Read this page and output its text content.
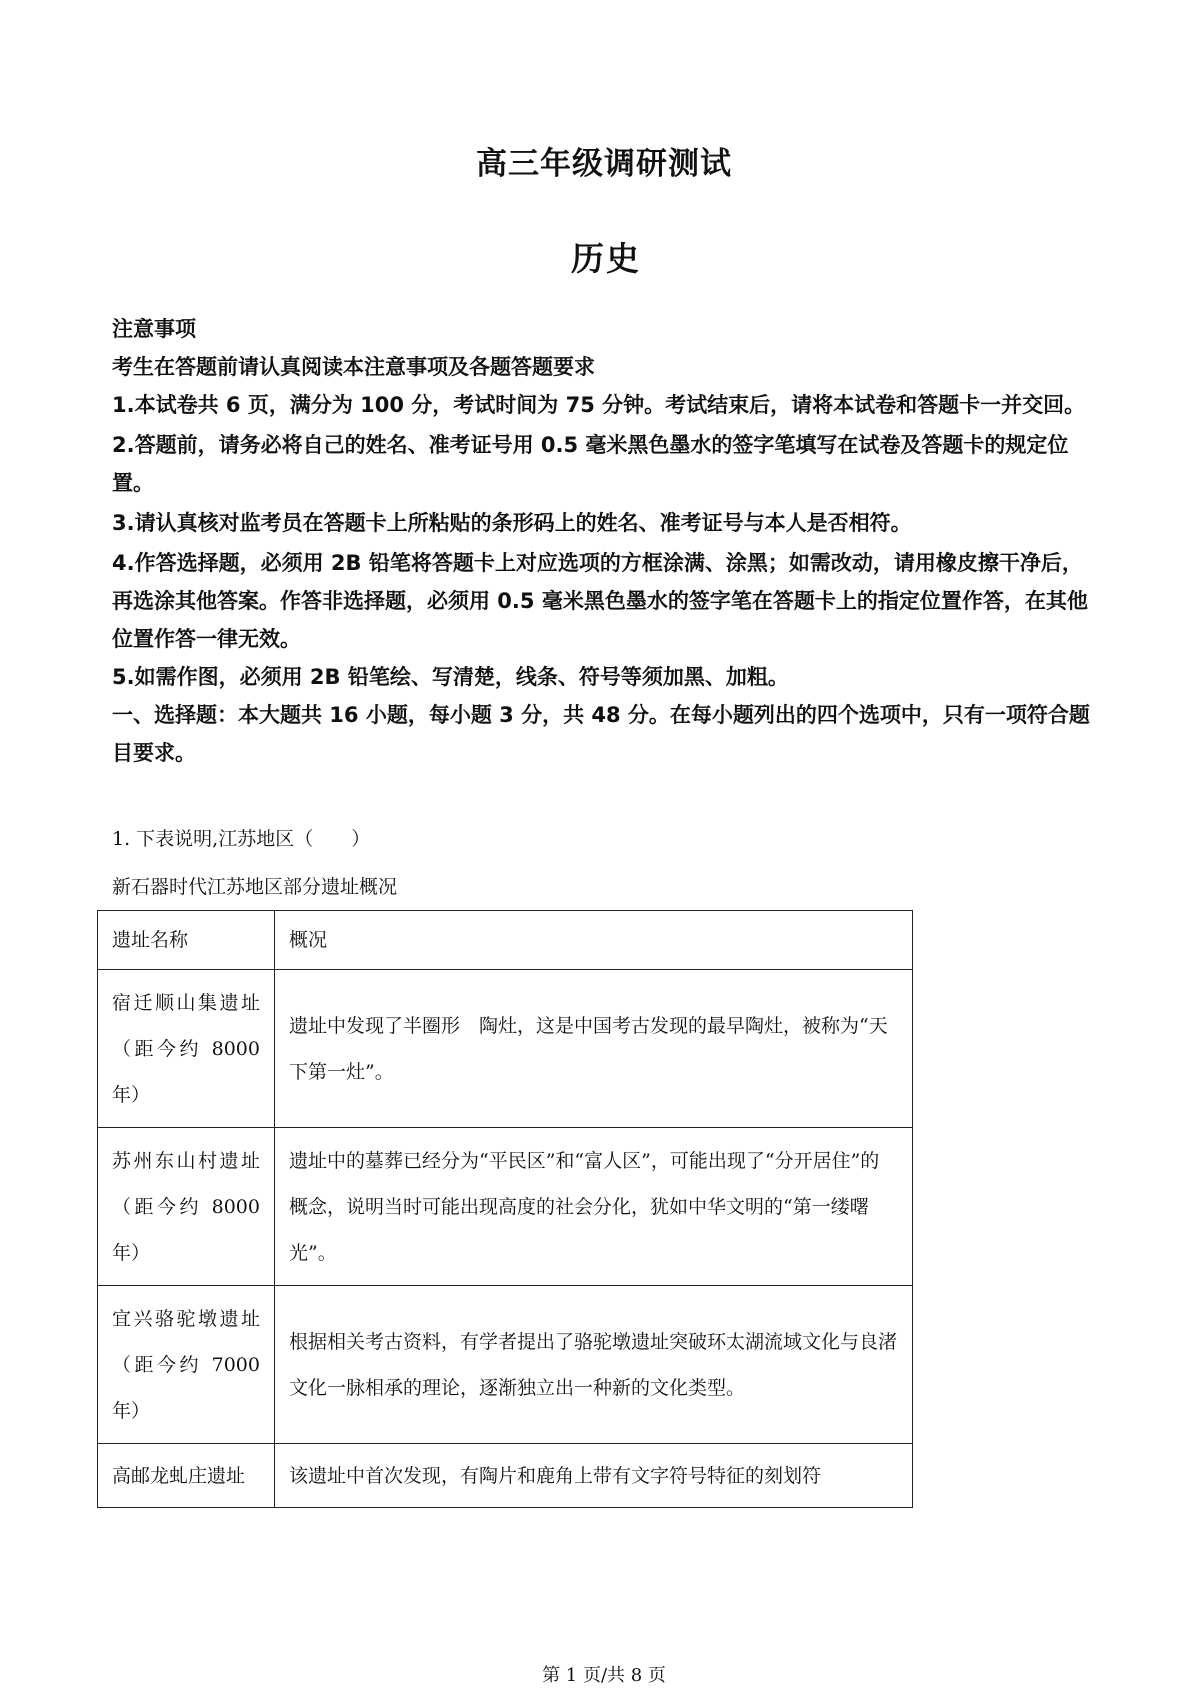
高三年级调研测试
历史

注意事项

考生在答题前请认真阅读本注意事项及各题答题要求

1.本试卷共 6 页，满分为 100 分，考试时间为 75 分钟。考试结束后，请将本试卷和答题卡一并交回。

2.答题前，请务必将自己的姓名、准考证号用 0.5 毫米黑色墨水的签字笔填写在试卷及答题卡的规定位置。

3.请认真核对监考员在答题卡上所粘贴的条形码上的姓名、准考证号与本人是否相符。

4.作答选择题，必须用 2B 铅笔将答题卡上对应选项的方框涂满、涂黑；如需改动，请用橡皮擦干净后，再选涂其他答案。作答非选择题，必须用 0.5 毫米黑色墨水的签字笔在答题卡上的指定位置作答，在其他位置作答一律无效。

5.如需作图，必须用 2B 铅笔绘、写清楚，线条、符号等须加黑、加粗。

一、选择题：本大题共 16 小题，每小题 3 分，共 48 分。在每小题列出的四个选项中，只有一项符合题目要求。

1. 下表说明,江苏地区（　　）
新石器时代江苏地区部分遗址概况
遗址名称	概况
宿迁顺山集遗址（距今约 8000 年）	遗址中发现了半圈形　陶灶，这是中国考古发现的最早陶灶，被称为“天下第一灶”。
苏州东山村遗址（距今约 8000 年）	遗址中的墓葬已经分为“平民区”和“富人区”，可能出现了“分开居住”的概念，说明当时可能出现高度的社会分化，犹如中华文明的“第一缕曙光”。
宜兴骆驼墩遗址（距今约 7000 年）	根据相关考古资料，有学者提出了骆驼墩遗址突破环太湖流域文化与良渚文化一脉相承的理论，逐渐独立出一种新的文化类型。
高邮龙虬庄遗址	该遗址中首次发现，有陶片和鹿角上带有文字符号特征的刻划符
第 1 页/共 8 页
